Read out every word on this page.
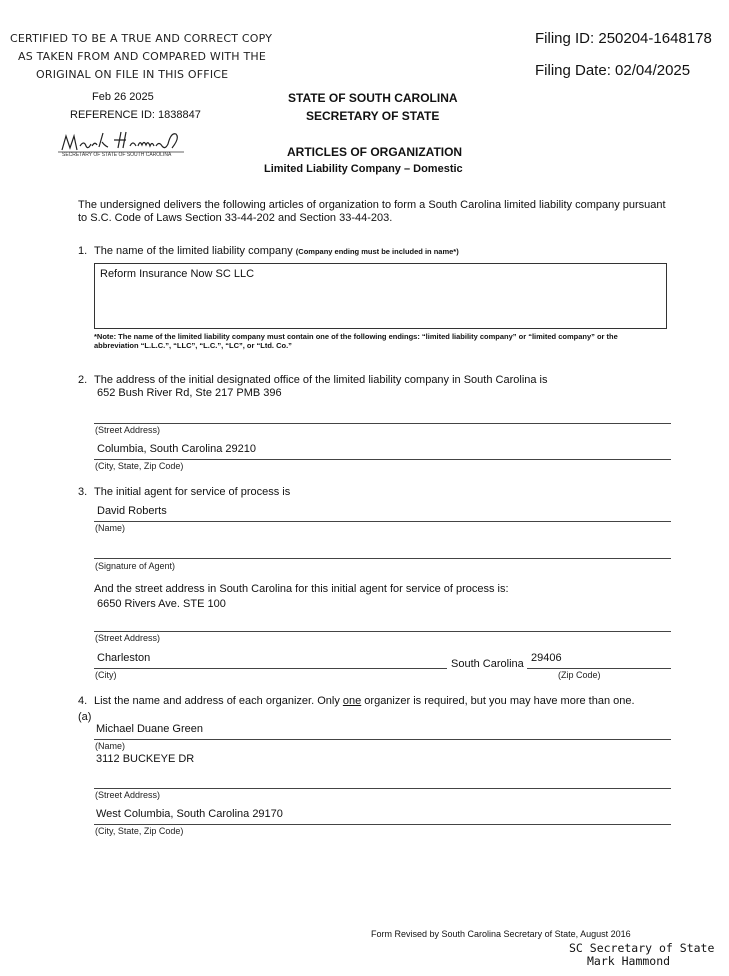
CERTIFIED TO BE A TRUE AND CORRECT COPY
AS TAKEN FROM AND COMPARED WITH THE
ORIGINAL ON FILE IN THIS OFFICE
Feb 26 2025
REFERENCE ID: 1838847
SECRETARY OF STATE OF SOUTH CAROLINA
Filing ID: 250204-1648178
Filing Date: 02/04/2025
STATE OF SOUTH CAROLINA
SECRETARY OF STATE
ARTICLES OF ORGANIZATION
Limited Liability Company – Domestic
The undersigned delivers the following articles of organization to form a South Carolina limited liability company pursuant
to S.C. Code of Laws Section 33-44-202 and Section 33-44-203.
1. The name of the limited liability company (Company ending must be included in name*)
Reform Insurance Now SC LLC
*Note: The name of the limited liability company must contain one of the following endings: “limited liability company” or “limited company” or the abbreviation “L.L.C.”, “LLC”, “L.C.”, “LC”, or “Ltd. Co.”
2. The address of the initial designated office of the limited liability company in South Carolina is
652 Bush River Rd, Ste 217 PMB 396
(Street Address)
Columbia, South Carolina 29210
(City, State, Zip Code)
3. The initial agent for service of process is
David Roberts
(Name)
(Signature of Agent)
And the street address in South Carolina for this initial agent for service of process is:
6650 Rivers Ave. STE 100
(Street Address)
Charleston
(City)
South Carolina 29406
(Zip Code)
4. List the name and address of each organizer. Only one organizer is required, but you may have more than one.
(a)
Michael Duane Green
(Name)
3112 BUCKEYE DR
(Street Address)
West Columbia, South Carolina 29170
(City, State, Zip Code)
Form Revised by South Carolina Secretary of State, August 2016
SC Secretary of State
Mark Hammond
